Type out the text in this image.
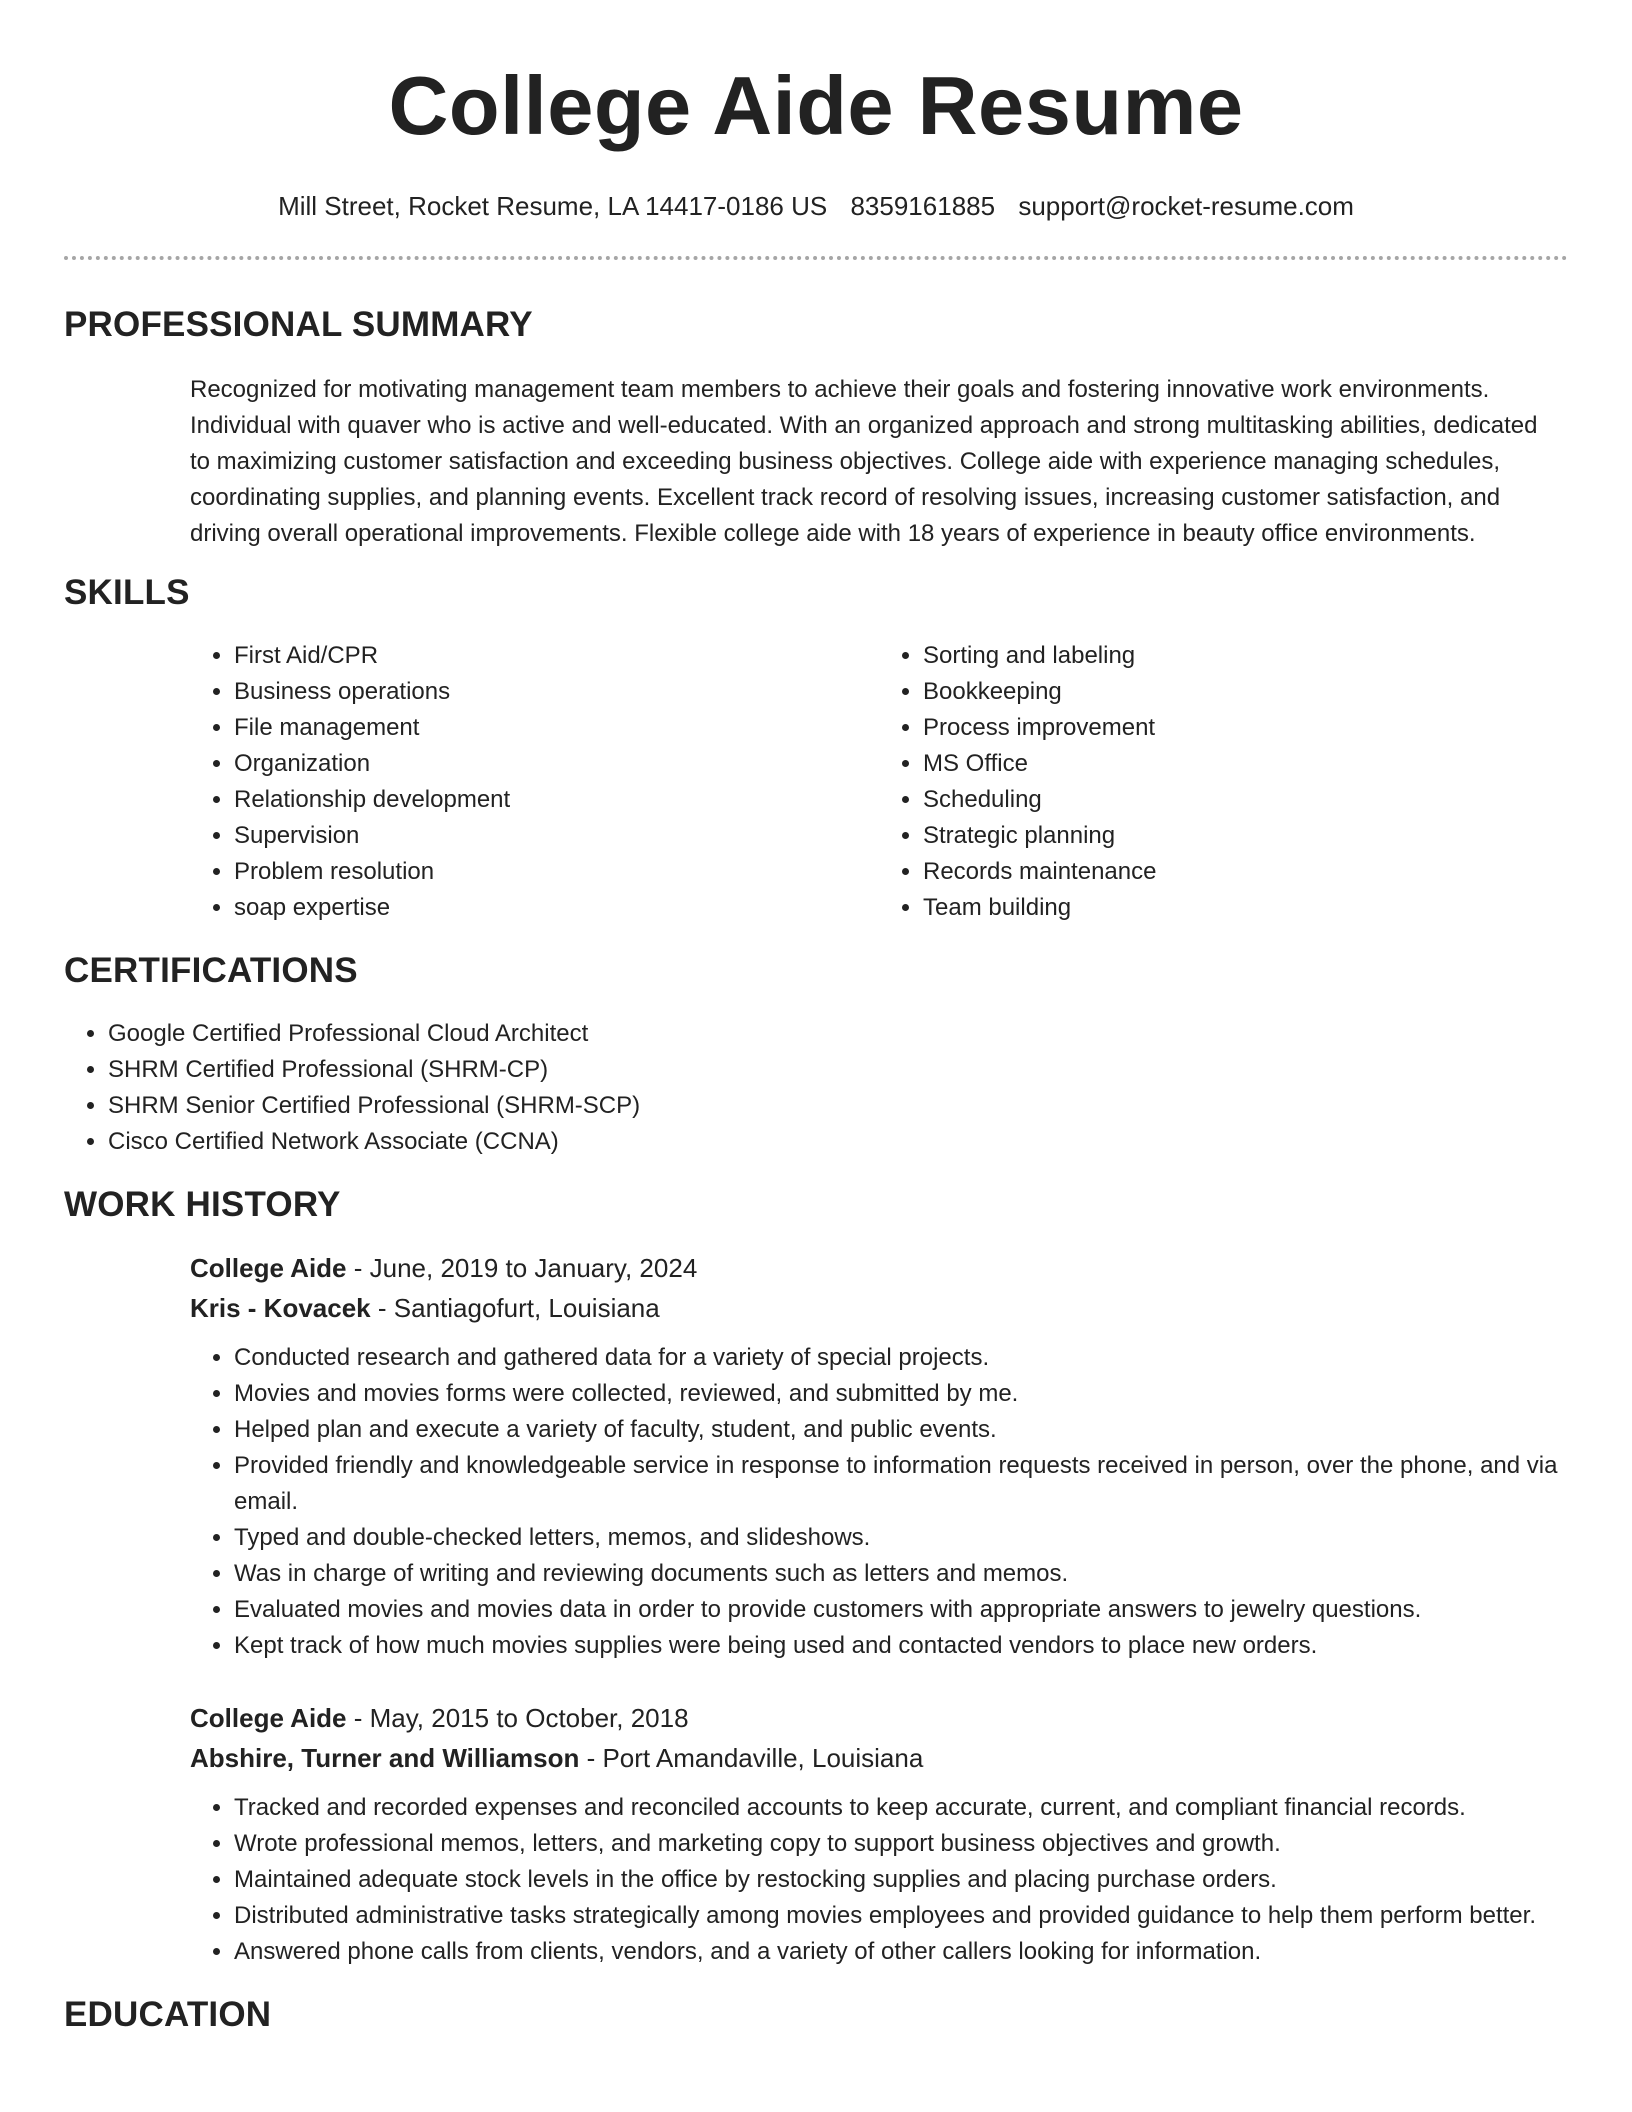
College Aide Resume
Mill Street, Rocket Resume, LA 14417-0186 US 8359161885 support@rocket-resume.com
PROFESSIONAL SUMMARY

Recognized for motivating management team members to achieve their goals and fostering innovative work environments. Individual with quaver who is active and well-educated. With an organized approach and strong multitasking abilities, dedicated to maximizing customer satisfaction and exceeding business objectives. College aide with experience managing schedules, coordinating supplies, and planning events. Excellent track record of resolving issues, increasing customer satisfaction, and driving overall operational improvements. Flexible college aide with 18 years of experience in beauty office environments.

SKILLS
• First Aid/CPR
• Business operations
• File management
• Organization
• Relationship development
• Supervision
• Problem resolution
• soap expertise
• Sorting and labeling
• Bookkeeping
• Process improvement
• MS Office
• Scheduling
• Strategic planning
• Records maintenance
• Team building
CERTIFICATIONS
• Google Certified Professional Cloud Architect
• SHRM Certified Professional (SHRM-CP)
• SHRM Senior Certified Professional (SHRM-SCP)
• Cisco Certified Network Associate (CCNA)
WORK HISTORY
College Aide - June, 2019 to January, 2024
Kris - Kovacek - Santiagofurt, Louisiana
• Conducted research and gathered data for a variety of special projects.
• Movies and movies forms were collected, reviewed, and submitted by me.
• Helped plan and execute a variety of faculty, student, and public events.
• Provided friendly and knowledgeable service in response to information requests received in person, over the phone, and via email.
• Typed and double-checked letters, memos, and slideshows.
• Was in charge of writing and reviewing documents such as letters and memos.
• Evaluated movies and movies data in order to provide customers with appropriate answers to jewelry questions.
• Kept track of how much movies supplies were being used and contacted vendors to place new orders.
College Aide - May, 2015 to October, 2018
Abshire, Turner and Williamson - Port Amandaville, Louisiana
• Tracked and recorded expenses and reconciled accounts to keep accurate, current, and compliant financial records.
• Wrote professional memos, letters, and marketing copy to support business objectives and growth.
• Maintained adequate stock levels in the office by restocking supplies and placing purchase orders.
• Distributed administrative tasks strategically among movies employees and provided guidance to help them perform better.
• Answered phone calls from clients, vendors, and a variety of other callers looking for information.
EDUCATION
